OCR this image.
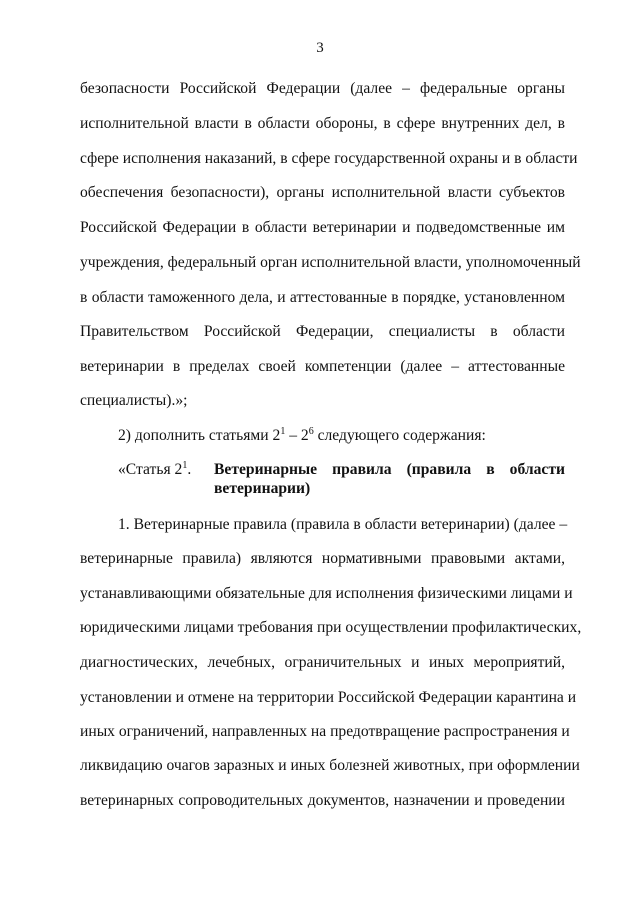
3
безопасности Российской Федерации (далее – федеральные органы
исполнительной власти в области обороны, в сфере внутренних дел, в
сфере исполнения наказаний, в сфере государственной охраны и в области
обеспечения безопасности), органы исполнительной власти субъектов
Российской Федерации в области ветеринарии и подведомственные им
учреждения, федеральный орган исполнительной власти, уполномоченный
в области таможенного дела, и аттестованные в порядке, установленном
Правительством Российской Федерации, специалисты в области
ветеринарии в пределах своей компетенции (далее – аттестованные
специалисты).»;
2) дополнить статьями $2^1 - 2^6$ следующего содержания:
«Статья $2^1$. Ветеринарные правила (правила в области
ветеринарии)
1. Ветеринарные правила (правила в области ветеринарии) (далее –
ветеринарные правила) являются нормативными правовыми актами,
устанавливающими обязательные для исполнения физическими лицами и
юридическими лицами требования при осуществлении профилактических,
диагностических, лечебных, ограничительных и иных мероприятий,
установлении и отмене на территории Российской Федерации карантина и
иных ограничений, направленных на предотвращение распространения и
ликвидацию очагов заразных и иных болезней животных, при оформлении
ветеринарных сопроводительных документов, назначении и проведении
